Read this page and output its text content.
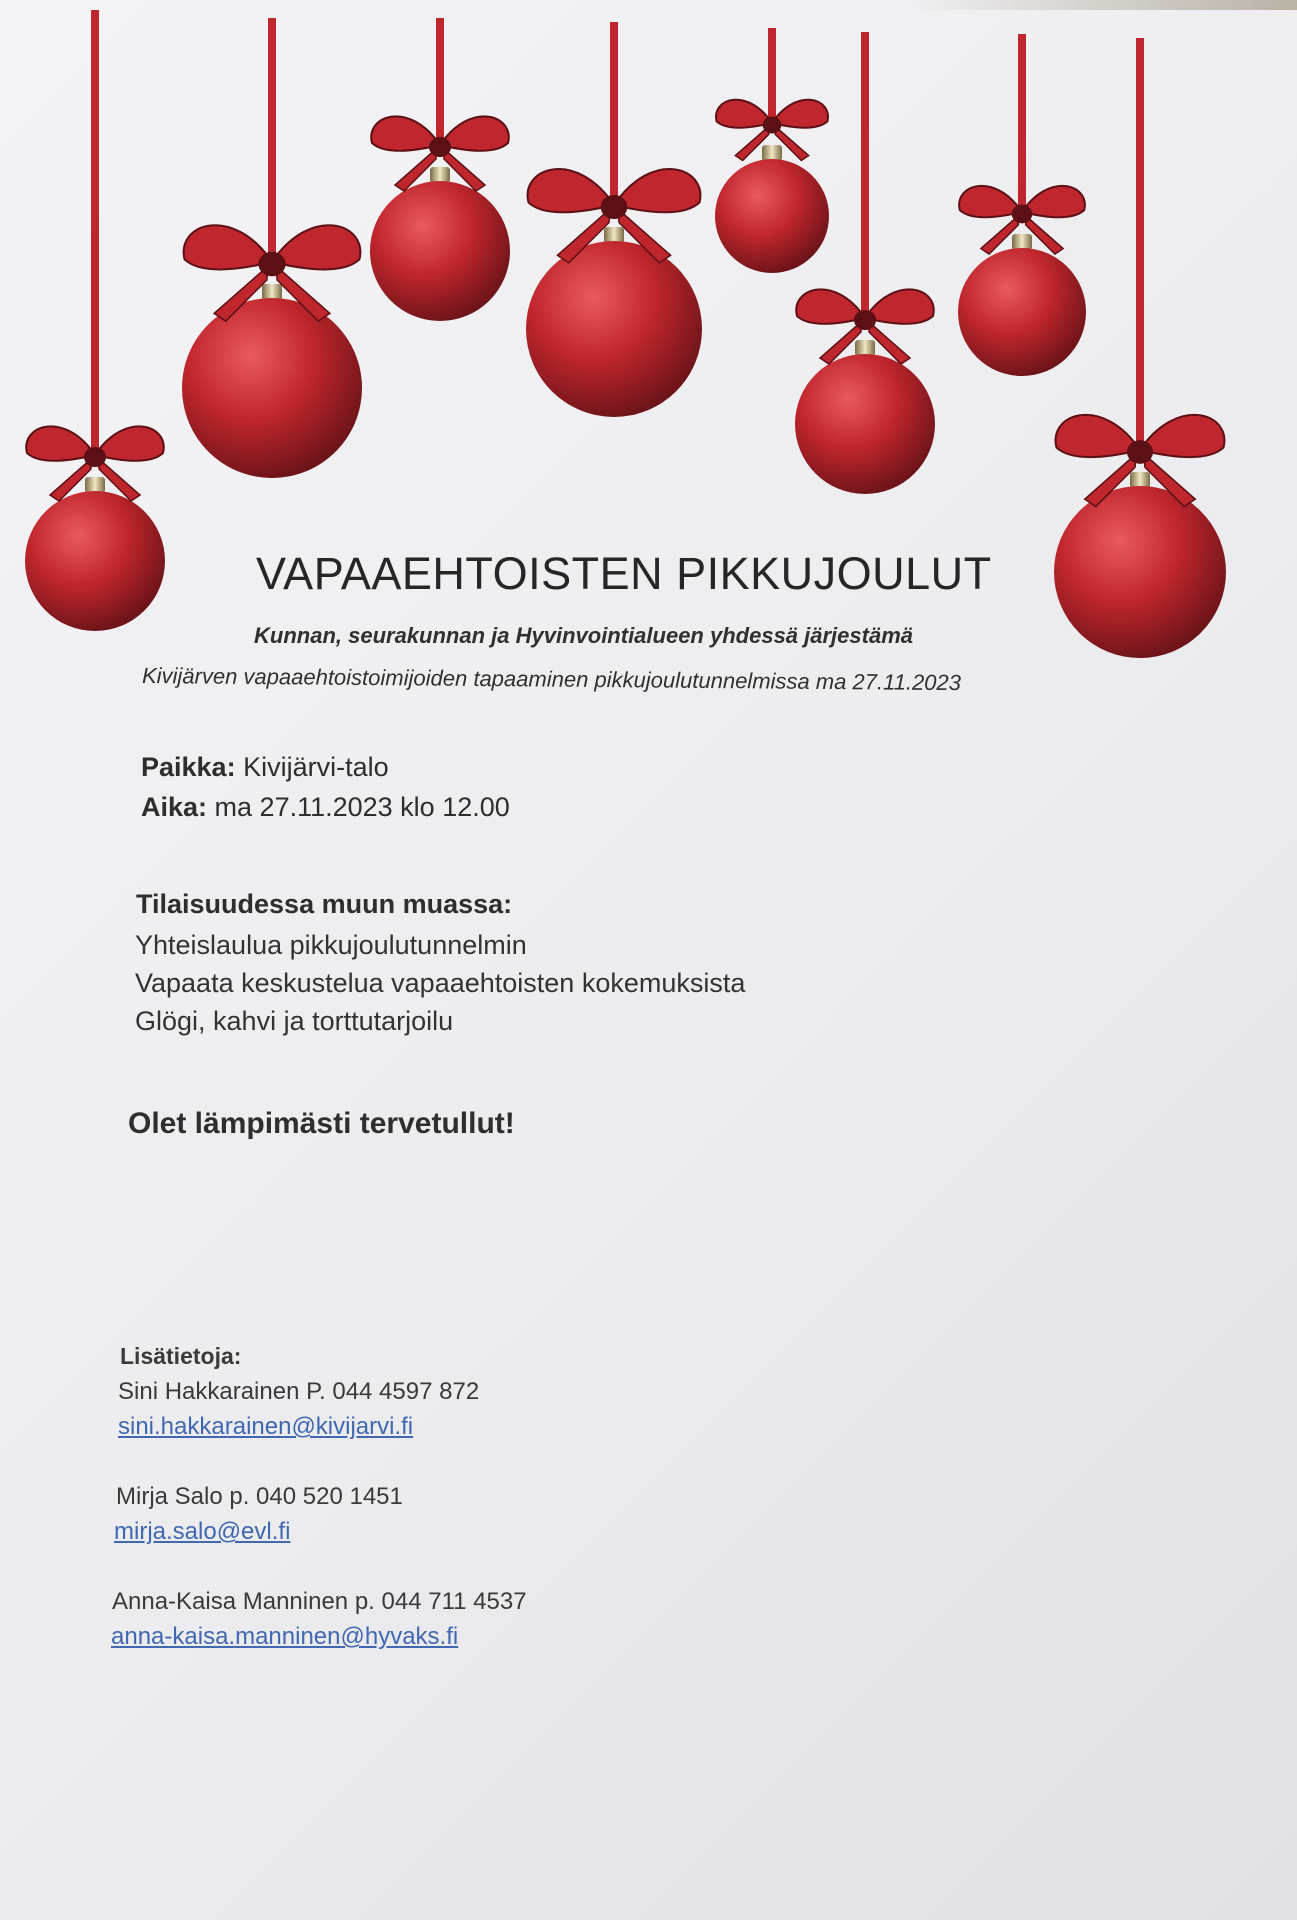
VAPAAEHTOISTEN PIKKUJOULUT
Kunnan, seurakunnan ja Hyvinvointialueen yhdessä järjestämä
Kivijärven vapaaehtoistoimijoiden tapaaminen pikkujoulutunnelmissa ma 27.11.2023
Paikka: Kivijärvi-talo
Aika: ma 27.11.2023 klo 12.00
Tilaisuudessa muun muassa:
Yhteislaulua pikkujoulutunnelmin
Vapaata keskustelua vapaaehtoisten kokemuksista
Glögi, kahvi ja torttutarjoilu
Olet lämpimästi tervetullut!
Lisätietoja:
Sini Hakkarainen P. 044 4597 872
sini.hakkarainen@kivijarvi.fi
Mirja Salo p. 040 520 1451
mirja.salo@evl.fi
Anna-Kaisa Manninen p. 044 711 4537
anna-kaisa.manninen@hyvaks.fi
